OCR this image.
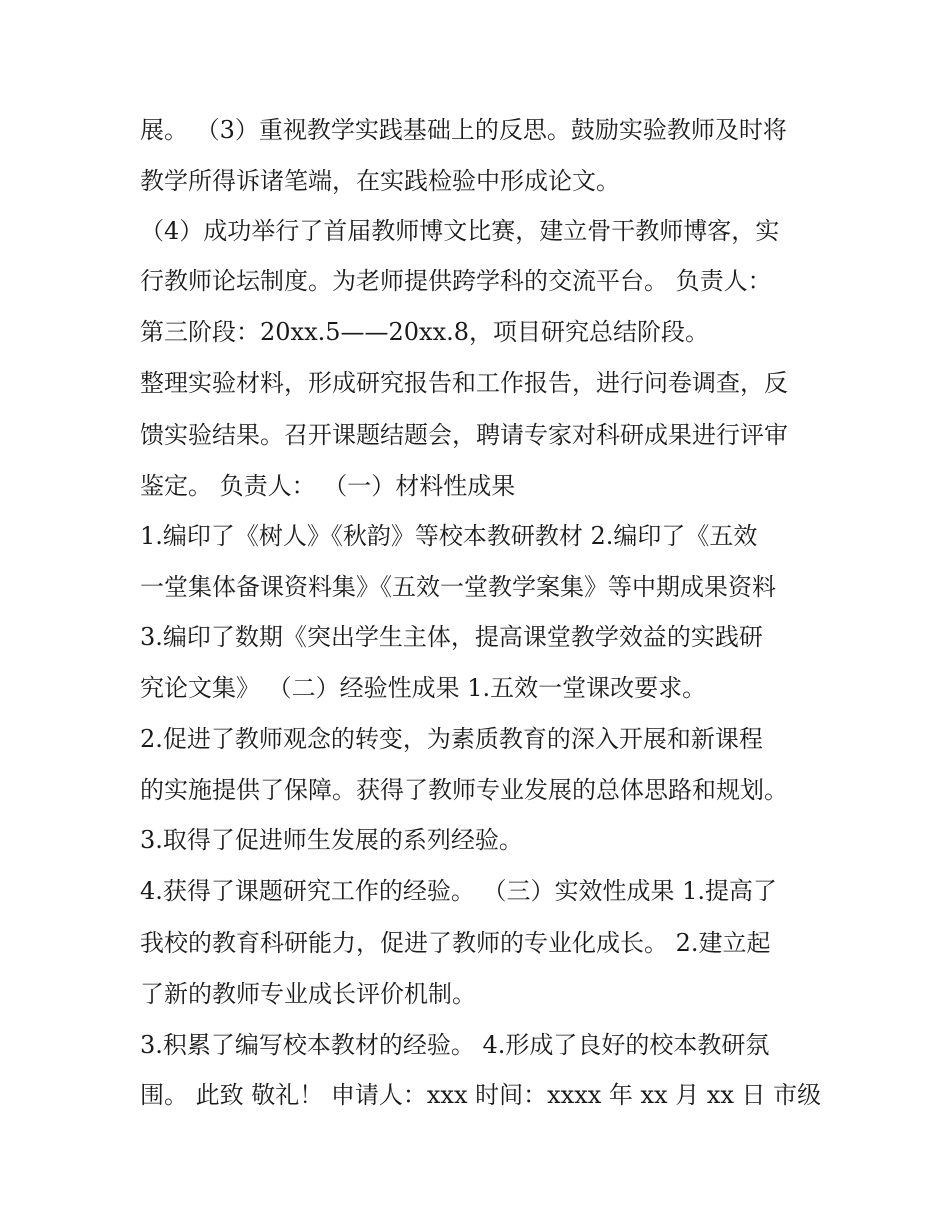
展。 （3）重视教学实践基础上的反思。鼓励实验教师及时将
教学所得诉诸笔端，在实践检验中形成论文。
（4）成功举行了首届教师博文比赛，建立骨干教师博客，实
行教师论坛制度。为老师提供跨学科的交流平台。 负责人：
第三阶段：20xx.5——20xx.8，项目研究总结阶段。
整理实验材料，形成研究报告和工作报告，进行问卷调查，反
馈实验结果。召开课题结题会，聘请专家对科研成果进行评审
鉴定。 负责人： （一）材料性成果
1.编印了《树人》《秋韵》等校本教研教材 2.编印了《五效
一堂集体备课资料集》《五效一堂教学案集》等中期成果资料
3.编印了数期《突出学生主体，提高课堂教学效益的实践研
究论文集》 （二）经验性成果 1.五效一堂课改要求。
2.促进了教师观念的转变，为素质教育的深入开展和新课程
的实施提供了保障。获得了教师专业发展的总体思路和规划。
3.取得了促进师生发展的系列经验。
4.获得了课题研究工作的经验。 （三）实效性成果 1.提高了
我校的教育科研能力，促进了教师的专业化成长。 2.建立起
了新的教师专业成长评价机制。
3.积累了编写校本教材的经验。 4.形成了良好的校本教研氛
围。 此致 敬礼！ 申请人：xxx 时间：xxxx 年 xx 月 xx 日 市级
